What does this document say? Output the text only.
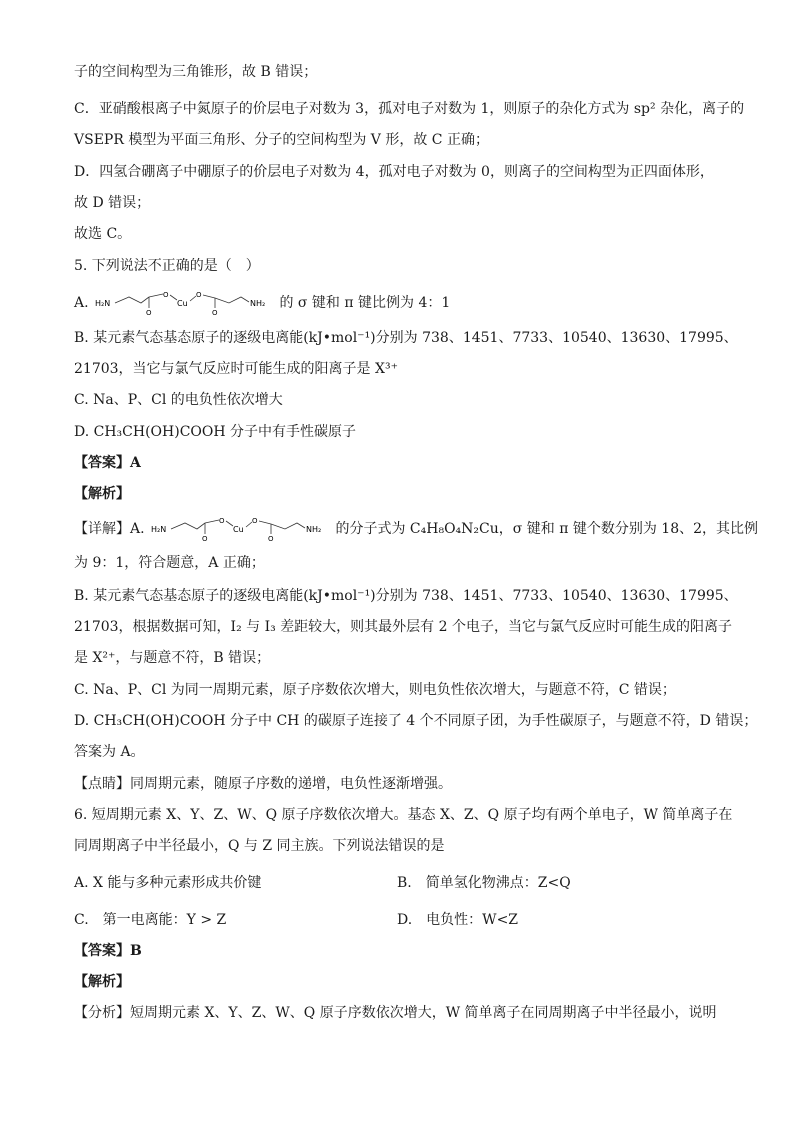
子的空间构型为三角锥形，故 B 错误；
C．亚硝酸根离子中氮原子的价层电子对数为 3，孤对电子对数为 1，则原子的杂化方式为 sp² 杂化，离子的
VSEPR 模型为平面三角形、分子的空间构型为 V 形，故 C 正确；
D．四氢合硼离子中硼原子的价层电子对数为 4，孤对电子对数为 0，则离子的空间构型为正四面体形，
故 D 错误；
故选 C。
5. 下列说法不正确的是（　）
A. H₂N
O
O
Cu
O
O
NH₂ 的 σ 键和 π 键比例为 4：1
B. 某元素气态基态原子的逐级电离能(kJ•mol⁻¹)分别为 738、1451、7733、10540、13630、17995、
21703，当它与氯气反应时可能生成的阳离子是 X³⁺
C. Na、P、Cl 的电负性依次增大
D. CH₃CH(OH)COOH 分子中有手性碳原子
【答案】A
【解析】
【详解】A. H₂N
O
O
Cu
O
O
NH₂ 的分子式为 C₄H₈O₄N₂Cu，σ 键和 π 键个数分别为 18、2，其比例
为 9：1，符合题意，A 正确；
B. 某元素气态基态原子的逐级电离能(kJ•mol⁻¹)分别为 738、1451、7733、10540、13630、17995、
21703，根据数据可知，I₂ 与 I₃ 差距较大，则其最外层有 2 个电子，当它与氯气反应时可能生成的阳离子
是 X²⁺，与题意不符，B 错误；
C. Na、P、Cl 为同一周期元素，原子序数依次增大，则电负性依次增大，与题意不符，C 错误；
D. CH₃CH(OH)COOH 分子中 CH 的碳原子连接了 4 个不同原子团，为手性碳原子，与题意不符，D 错误；
答案为 A。
【点睛】同周期元素，随原子序数的递增，电负性逐渐增强。
6. 短周期元素 X、Y、Z、W、Q 原子序数依次增大。基态 X、Z、Q 原子均有两个单电子，W 简单离子在
同周期离子中半径最小，Q 与 Z 同主族。下列说法错误的是
A. X 能与多种元素形成共价键	B.　简单氢化物沸点：Z<Q
C.　第一电离能：Y > Z	D.　电负性：W<Z
【答案】B
【解析】
【分析】短周期元素 X、Y、Z、W、Q 原子序数依次增大，W 简单离子在同周期离子中半径最小，说明
